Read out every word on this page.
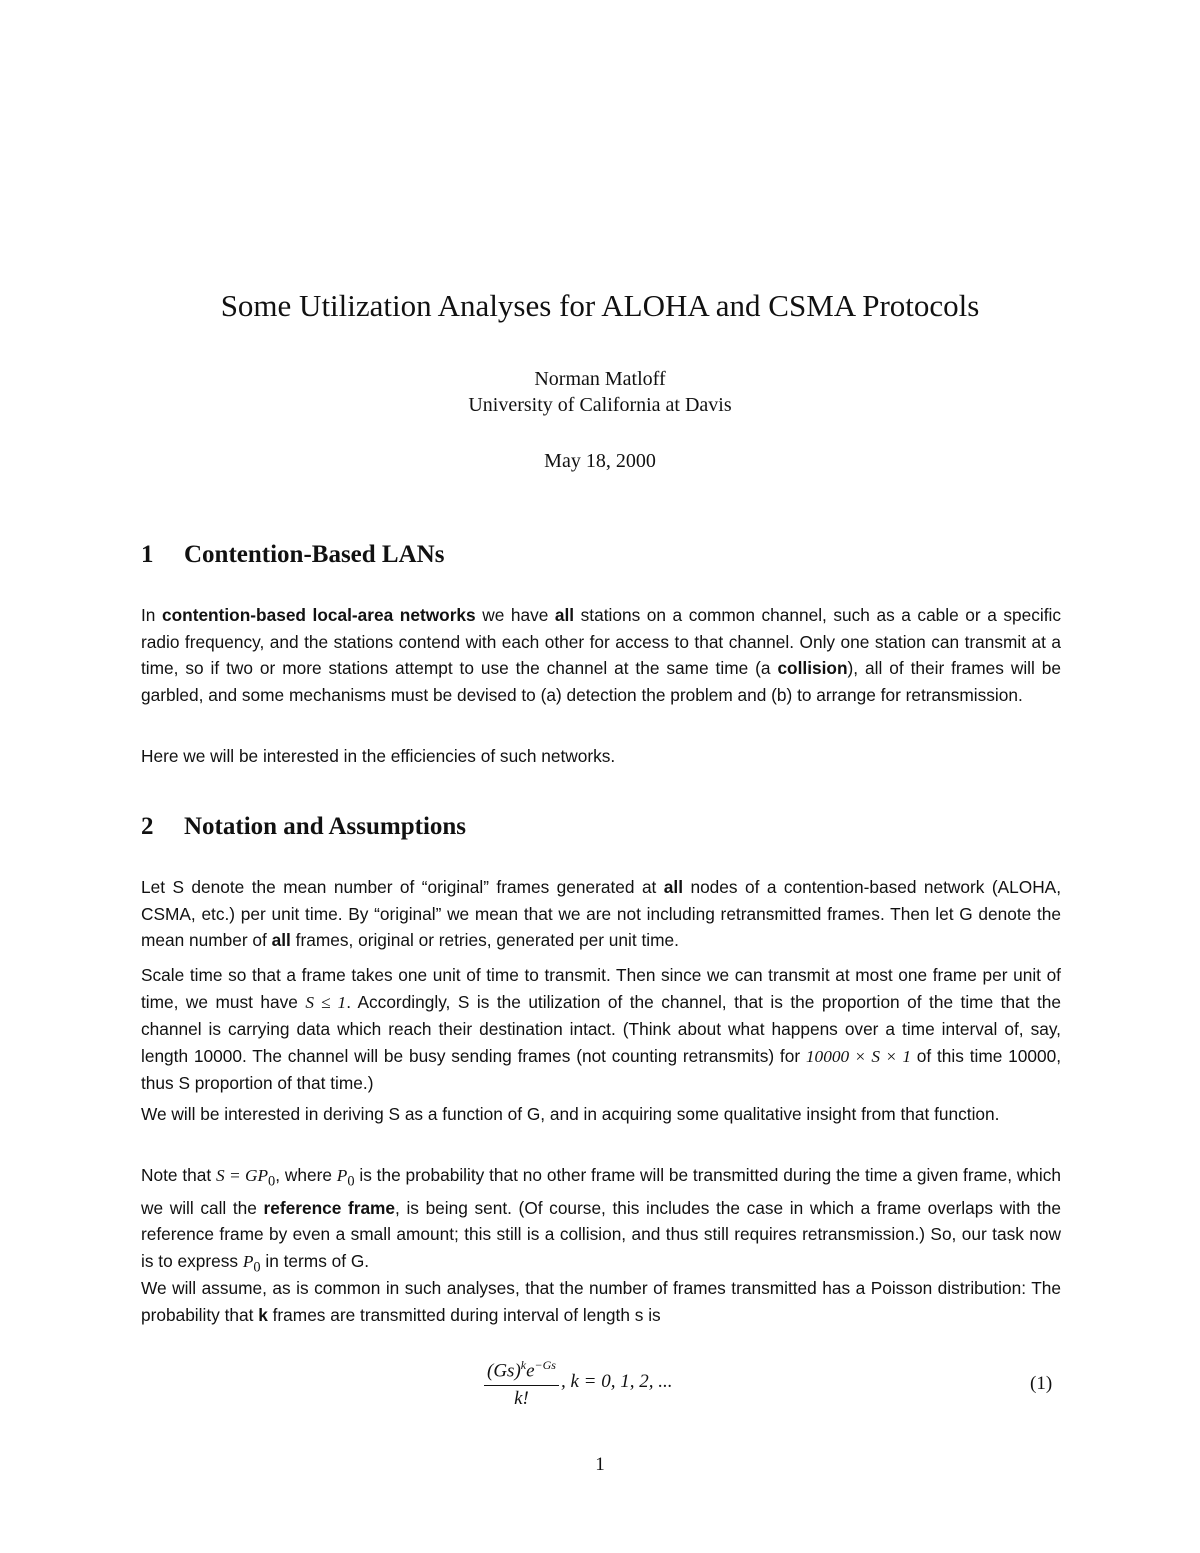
Some Utilization Analyses for ALOHA and CSMA Protocols
Norman Matloff
University of California at Davis
May 18, 2000
1 Contention-Based LANs

In contention-based local-area networks we have all stations on a common channel, such as a cable or a specific radio frequency, and the stations contend with each other for access to that channel. Only one station can transmit at a time, so if two or more stations attempt to use the channel at the same time (a collision), all of their frames will be garbled, and some mechanisms must be devised to (a) detection the problem and (b) to arrange for retransmission.

Here we will be interested in the efficiencies of such networks.

2 Notation and Assumptions

Let S denote the mean number of “original” frames generated at all nodes of a contention-based network (ALOHA, CSMA, etc.) per unit time. By “original” we mean that we are not including retransmitted frames. Then let G denote the mean number of all frames, original or retries, generated per unit time.

Scale time so that a frame takes one unit of time to transmit. Then since we can transmit at most one frame per unit of time, we must have S ≤ 1. Accordingly, S is the utilization of the channel, that is the proportion of the time that the channel is carrying data which reach their destination intact. (Think about what happens over a time interval of, say, length 10000. The channel will be busy sending frames (not counting retransmits) for 10000 × S × 1 of this time 10000, thus S proportion of that time.)

We will be interested in deriving S as a function of G, and in acquiring some qualitative insight from that function.

Note that $S = GP_0$, where $P_0$ is the probability that no other frame will be transmitted during the time a given frame, which we will call the reference frame, is being sent. (Of course, this includes the case in which a frame overlaps with the reference frame by even a small amount; this still is a collision, and thus still requires retransmission.) So, our task now is to express $P_0$ in terms of G.

We will assume, as is common in such analyses, that the number of frames transmitted has a Poisson distribution: The probability that k frames are transmitted during interval of length s is

$\frac{(Gs)^ke^{-Gs}}{k!}$ , k = 0, 1, 2, ...	(1)
1
